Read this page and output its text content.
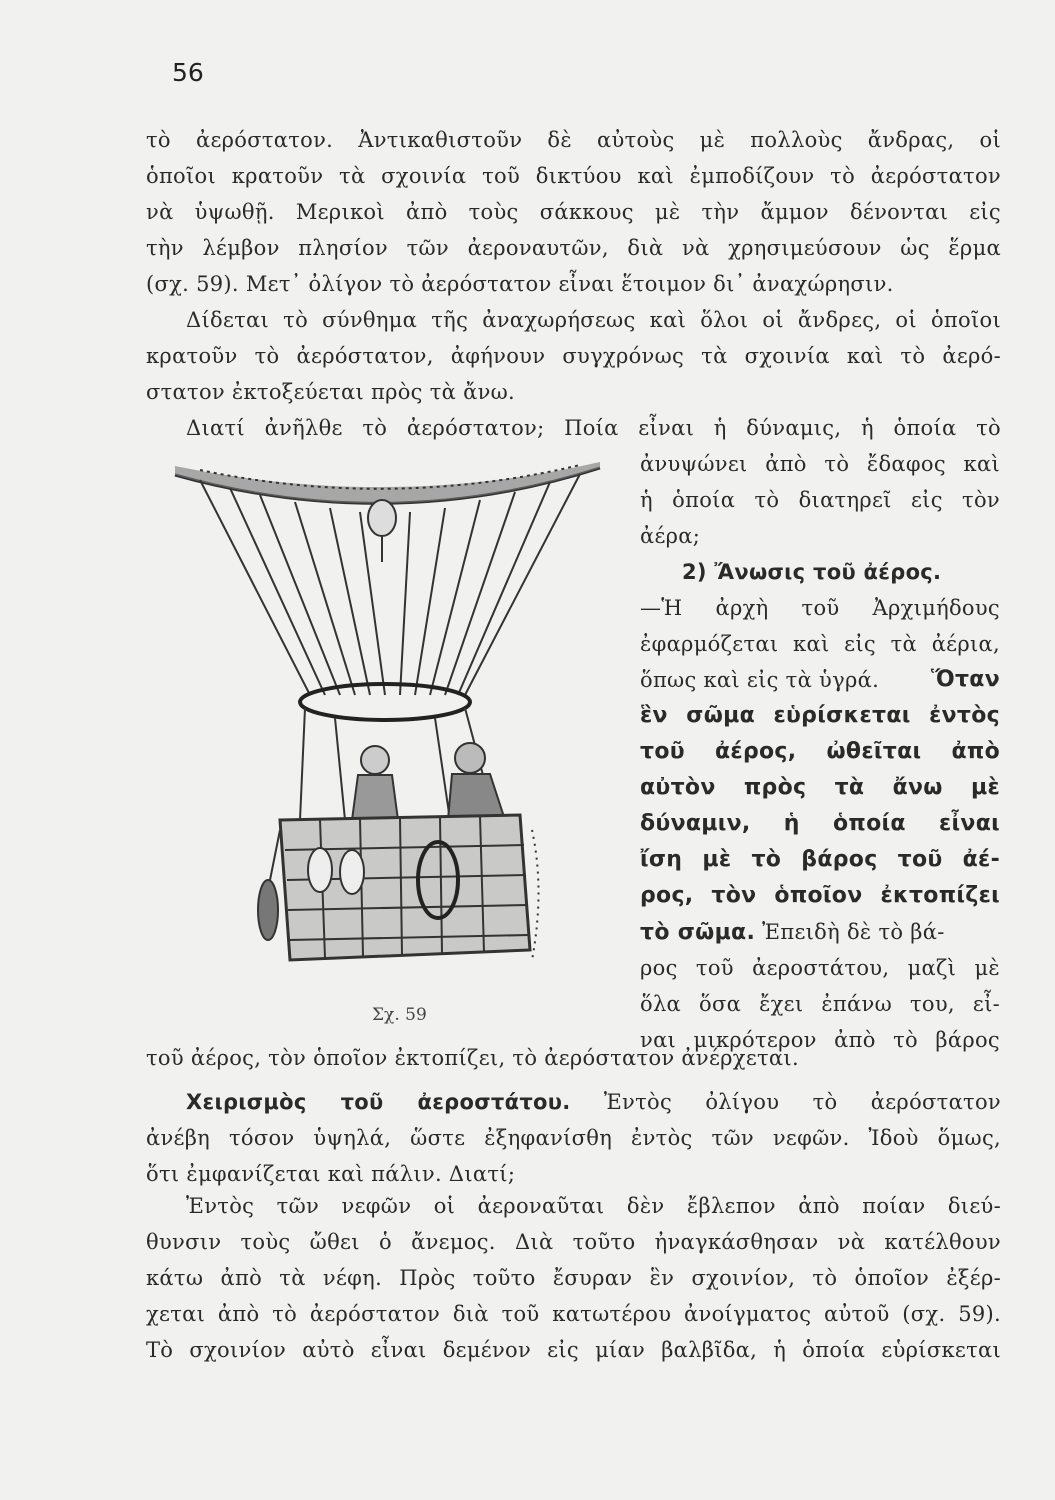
56
τὸ ἀερόστατον. Ἀντικαθιστοῦν δὲ αὐτοὺς μὲ πολλοὺς ἄνδρας, οἱ
ὁποῖοι κρατοῦν τὰ σχοινία τοῦ δικτύου καὶ ἐμποδίζουν τὸ ἀερόστατον
νὰ ὑψωθῇ. Μερικοὶ ἀπὸ τοὺς σάκκους μὲ τὴν ἄμμον δένονται εἰς
τὴν λέμβον πλησίον τῶν ἀεροναυτῶν, διὰ νὰ χρησιμεύσουν ὡς ἕρμα
(σχ. 59). Μετ᾿ ὀλίγον τὸ ἀερόστατον εἶναι ἕτοιμον δι᾿ ἀναχώρησιν.
Δίδεται τὸ σύνθημα τῆς ἀναχωρήσεως καὶ ὅλοι οἱ ἄνδρες, οἱ ὁποῖοι
κρατοῦν τὸ ἀερόστατον, ἀφήνουν συγχρόνως τὰ σχοινία καὶ τὸ ἀερό-
στατον ἐκτοξεύεται πρὸς τὰ ἄνω.
Διατί ἀνῆλθε τὸ ἀερόστατον; Ποία εἶναι ἡ δύναμις, ἡ ὁποία τὸ
ἀνυψώνει ἀπὸ τὸ ἔδαφος καὶ
ἡ ὁποία τὸ διατηρεῖ εἰς τὸν
ἀέρα;
2) Ἄνωσις τοῦ ἀέρος.
—Ἡ ἀρχὴ τοῦ Ἀρχιμήδους
ἐφαρμόζεται καὶ εἰς τὰ ἀέρια,
ὅπως καὶ εἰς τὰ ὑγρά. Ὅταν
ἓν σῶμα εὑρίσκεται ἐντὸς
τοῦ ἀέρος, ὠθεῖται ἀπὸ
αὐτὸν πρὸς τὰ ἄνω μὲ
δύναμιν, ἡ ὁποία εἶναι
ἴση μὲ τὸ βάρος τοῦ ἀέ-
ρος, τὸν ὁποῖον ἐκτοπίζει
τὸ σῶμα. Ἐπειδὴ δὲ τὸ βά-
ρος τοῦ ἀεροστάτου, μαζὶ μὲ
ὅλα ὅσα ἔχει ἐπάνω του, εἶ-
ναι μικρότερον ἀπὸ τὸ βάρος
τοῦ ἀέρος, τὸν ὁποῖον ἐκτοπίζει, τὸ ἀερόστατον ἀνέρχεται.
Χειρισμὸς τοῦ ἀεροστάτου. Ἐντὸς ὀλίγου τὸ ἀερόστατον
ἀνέβη τόσον ὑψηλά, ὥστε ἐξηφανίσθη ἐντὸς τῶν νεφῶν. Ἰδοὺ ὅμως,
ὅτι ἐμφανίζεται καὶ πάλιν. Διατί;
Ἐντὸς τῶν νεφῶν οἱ ἀεροναῦται δὲν ἔβλεπον ἀπὸ ποίαν διεύ-
θυνσιν τοὺς ὤθει ὁ ἄνεμος. Διὰ τοῦτο ἠναγκάσθησαν νὰ κατέλθουν
κάτω ἀπὸ τὰ νέφη. Πρὸς τοῦτο ἔσυραν ἓν σχοινίον, τὸ ὁποῖον ἐξέρ-
χεται ἀπὸ τὸ ἀερόστατον διὰ τοῦ κατωτέρου ἀνοίγματος αὐτοῦ (σχ. 59).
Τὸ σχοινίον αὐτὸ εἶναι δεμένον εἰς μίαν βαλβῖδα, ἡ ὁποία εὑρίσκεται
Σχ. 59
